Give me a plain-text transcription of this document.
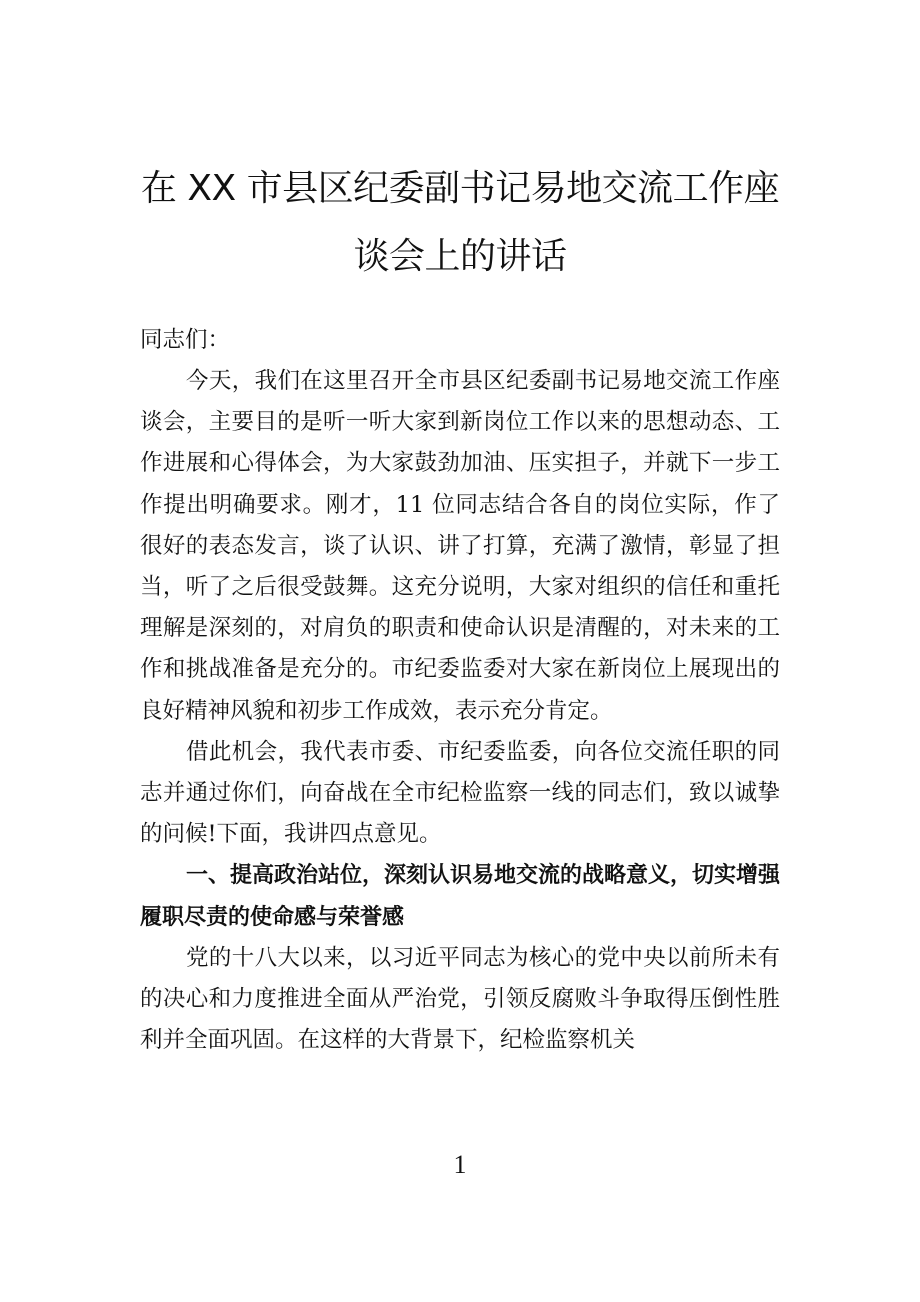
在 XX 市县区纪委副书记易地交流工作座
谈会上的讲话
同志们：

今天，我们在这里召开全市县区纪委副书记易地交流工作座谈会，主要目的是听一听大家到新岗位工作以来的思想动态、工作进展和心得体会，为大家鼓劲加油、压实担子，并就下一步工作提出明确要求。刚才，11 位同志结合各自的岗位实际，作了很好的表态发言，谈了认识、讲了打算，充满了激情，彰显了担当，听了之后很受鼓舞。这充分说明，大家对组织的信任和重托理解是深刻的，对肩负的职责和使命认识是清醒的，对未来的工作和挑战准备是充分的。市纪委监委对大家在新岗位上展现出的良好精神风貌和初步工作成效，表示充分肯定。

借此机会，我代表市委、市纪委监委，向各位交流任职的同志并通过你们，向奋战在全市纪检监察一线的同志们，致以诚挚的问候!下面，我讲四点意见。

一、提高政治站位，深刻认识易地交流的战略意义，切实增强履职尽责的使命感与荣誉感

党的十八大以来，以习近平同志为核心的党中央以前所未有的决心和力度推进全面从严治党，引领反腐败斗争取得压倒性胜利并全面巩固。在这样的大背景下，纪检监察机关

1
